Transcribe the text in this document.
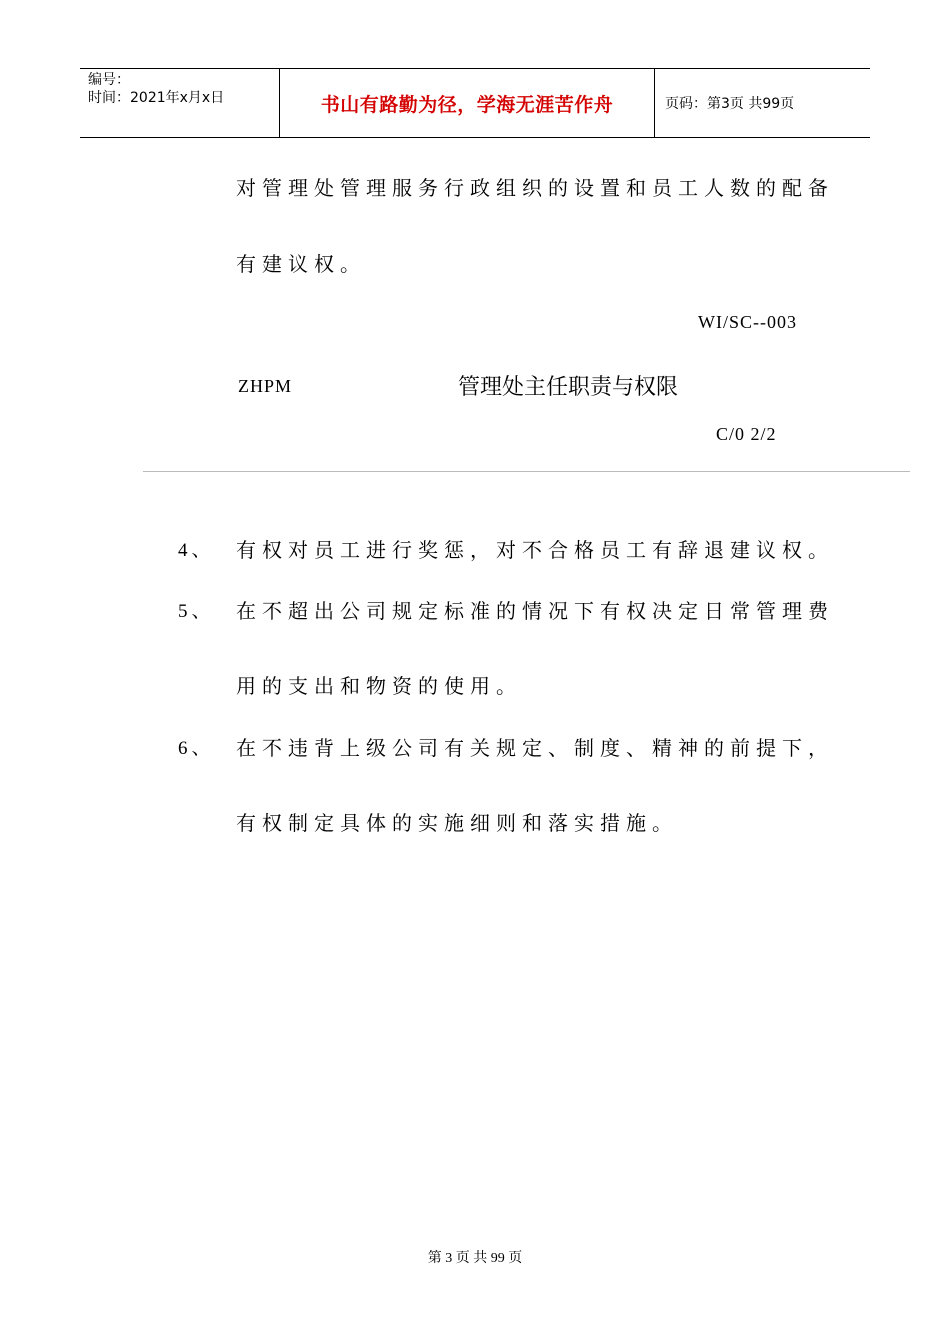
编号：
时间：2021年x月x日	书山有路勤为径，学海无涯苦作舟	页码：第3页 共99页
对管理处管理服务行政组织的设置和员工人数的配备
有建议权。
WI/SC--003
ZHPM	管理处主任职责与权限
C/0 2/2
4、 有权对员工进行奖惩，对不合格员工有辞退建议权。
5、 在不超出公司规定标准的情况下有权决定日常管理费
用的支出和物资的使用。
6、 在不违背上级公司有关规定、制度、精神的前提下，
有权制定具体的实施细则和落实措施。
第 3 页 共 99 页
